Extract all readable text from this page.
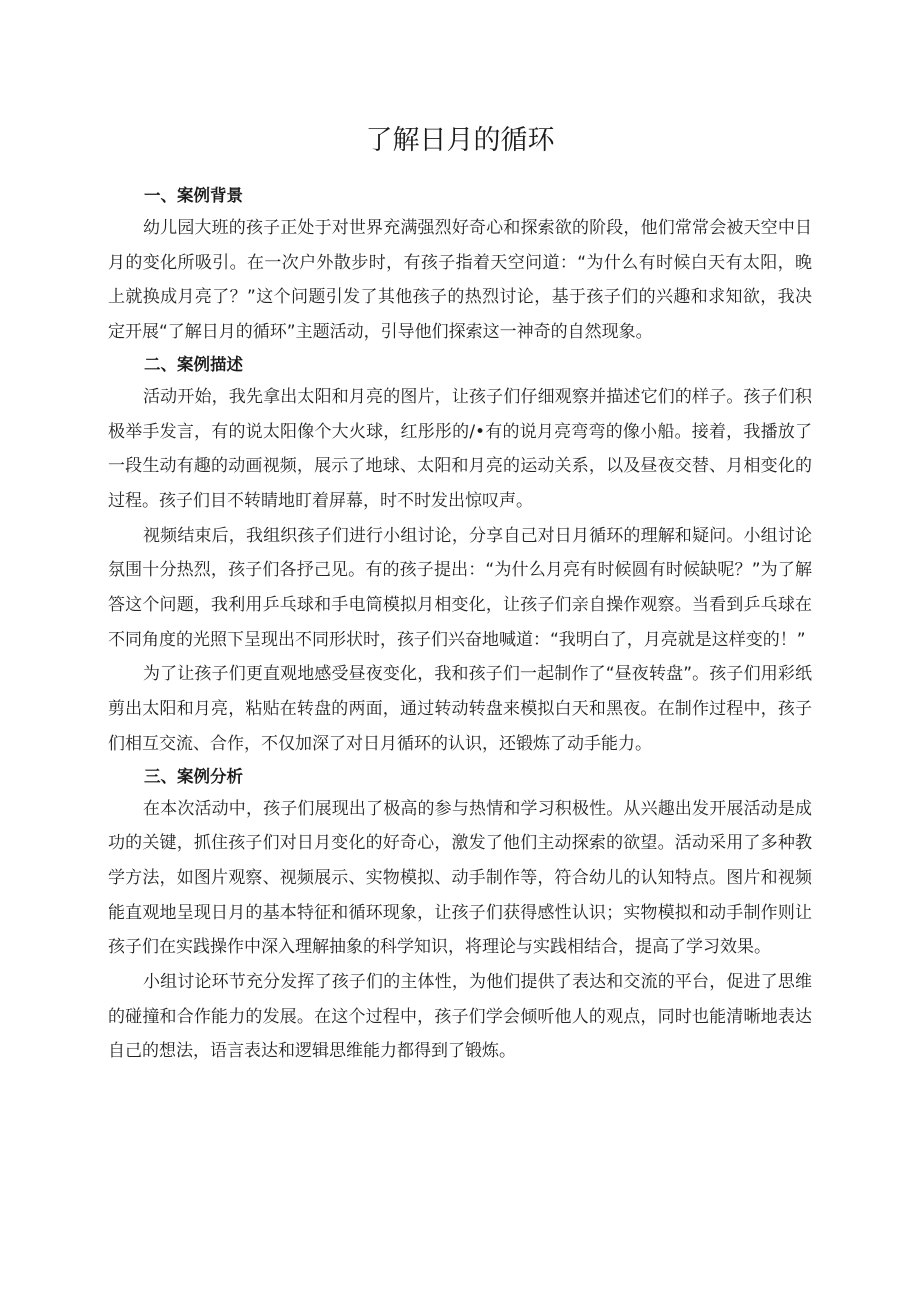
了解日月的循环
一、案例背景

幼儿园大班的孩子正处于对世界充满强烈好奇心和探索欲的阶段，他们常常会被天空中日月的变化所吸引。在一次户外散步时，有孩子指着天空问道：“为什么有时候白天有太阳，晚上就换成月亮了？”这个问题引发了其他孩子的热烈讨论，基于孩子们的兴趣和求知欲，我决定开展“了解日月的循环”主题活动，引导他们探索这一神奇的自然现象。

二、案例描述

活动开始，我先拿出太阳和月亮的图片，让孩子们仔细观察并描述它们的样子。孩子们积极举手发言，有的说太阳像个大火球，红彤彤的/•有的说月亮弯弯的像小船。接着，我播放了一段生动有趣的动画视频，展示了地球、太阳和月亮的运动关系，以及昼夜交替、月相变化的过程。孩子们目不转睛地盯着屏幕，时不时发出惊叹声。

视频结束后，我组织孩子们进行小组讨论，分享自己对日月循环的理解和疑问。小组讨论氛围十分热烈，孩子们各抒己见。有的孩子提出：“为什么月亮有时候圆有时候缺呢？”为了解答这个问题，我利用乒乓球和手电筒模拟月相变化，让孩子们亲自操作观察。当看到乒乓球在不同角度的光照下呈现出不同形状时，孩子们兴奋地喊道：“我明白了，月亮就是这样变的！”

为了让孩子们更直观地感受昼夜变化，我和孩子们一起制作了“昼夜转盘”。孩子们用彩纸剪出太阳和月亮，粘贴在转盘的两面，通过转动转盘来模拟白天和黑夜。在制作过程中，孩子们相互交流、合作，不仅加深了对日月循环的认识，还锻炼了动手能力。

三、案例分析

在本次活动中，孩子们展现出了极高的参与热情和学习积极性。从兴趣出发开展活动是成功的关键，抓住孩子们对日月变化的好奇心，激发了他们主动探索的欲望。活动采用了多种教学方法，如图片观察、视频展示、实物模拟、动手制作等，符合幼儿的认知特点。图片和视频能直观地呈现日月的基本特征和循环现象，让孩子们获得感性认识；实物模拟和动手制作则让孩子们在实践操作中深入理解抽象的科学知识，将理论与实践相结合，提高了学习效果。

小组讨论环节充分发挥了孩子们的主体性，为他们提供了表达和交流的平台，促进了思维的碰撞和合作能力的发展。在这个过程中，孩子们学会倾听他人的观点，同时也能清晰地表达自己的想法，语言表达和逻辑思维能力都得到了锻炼。
